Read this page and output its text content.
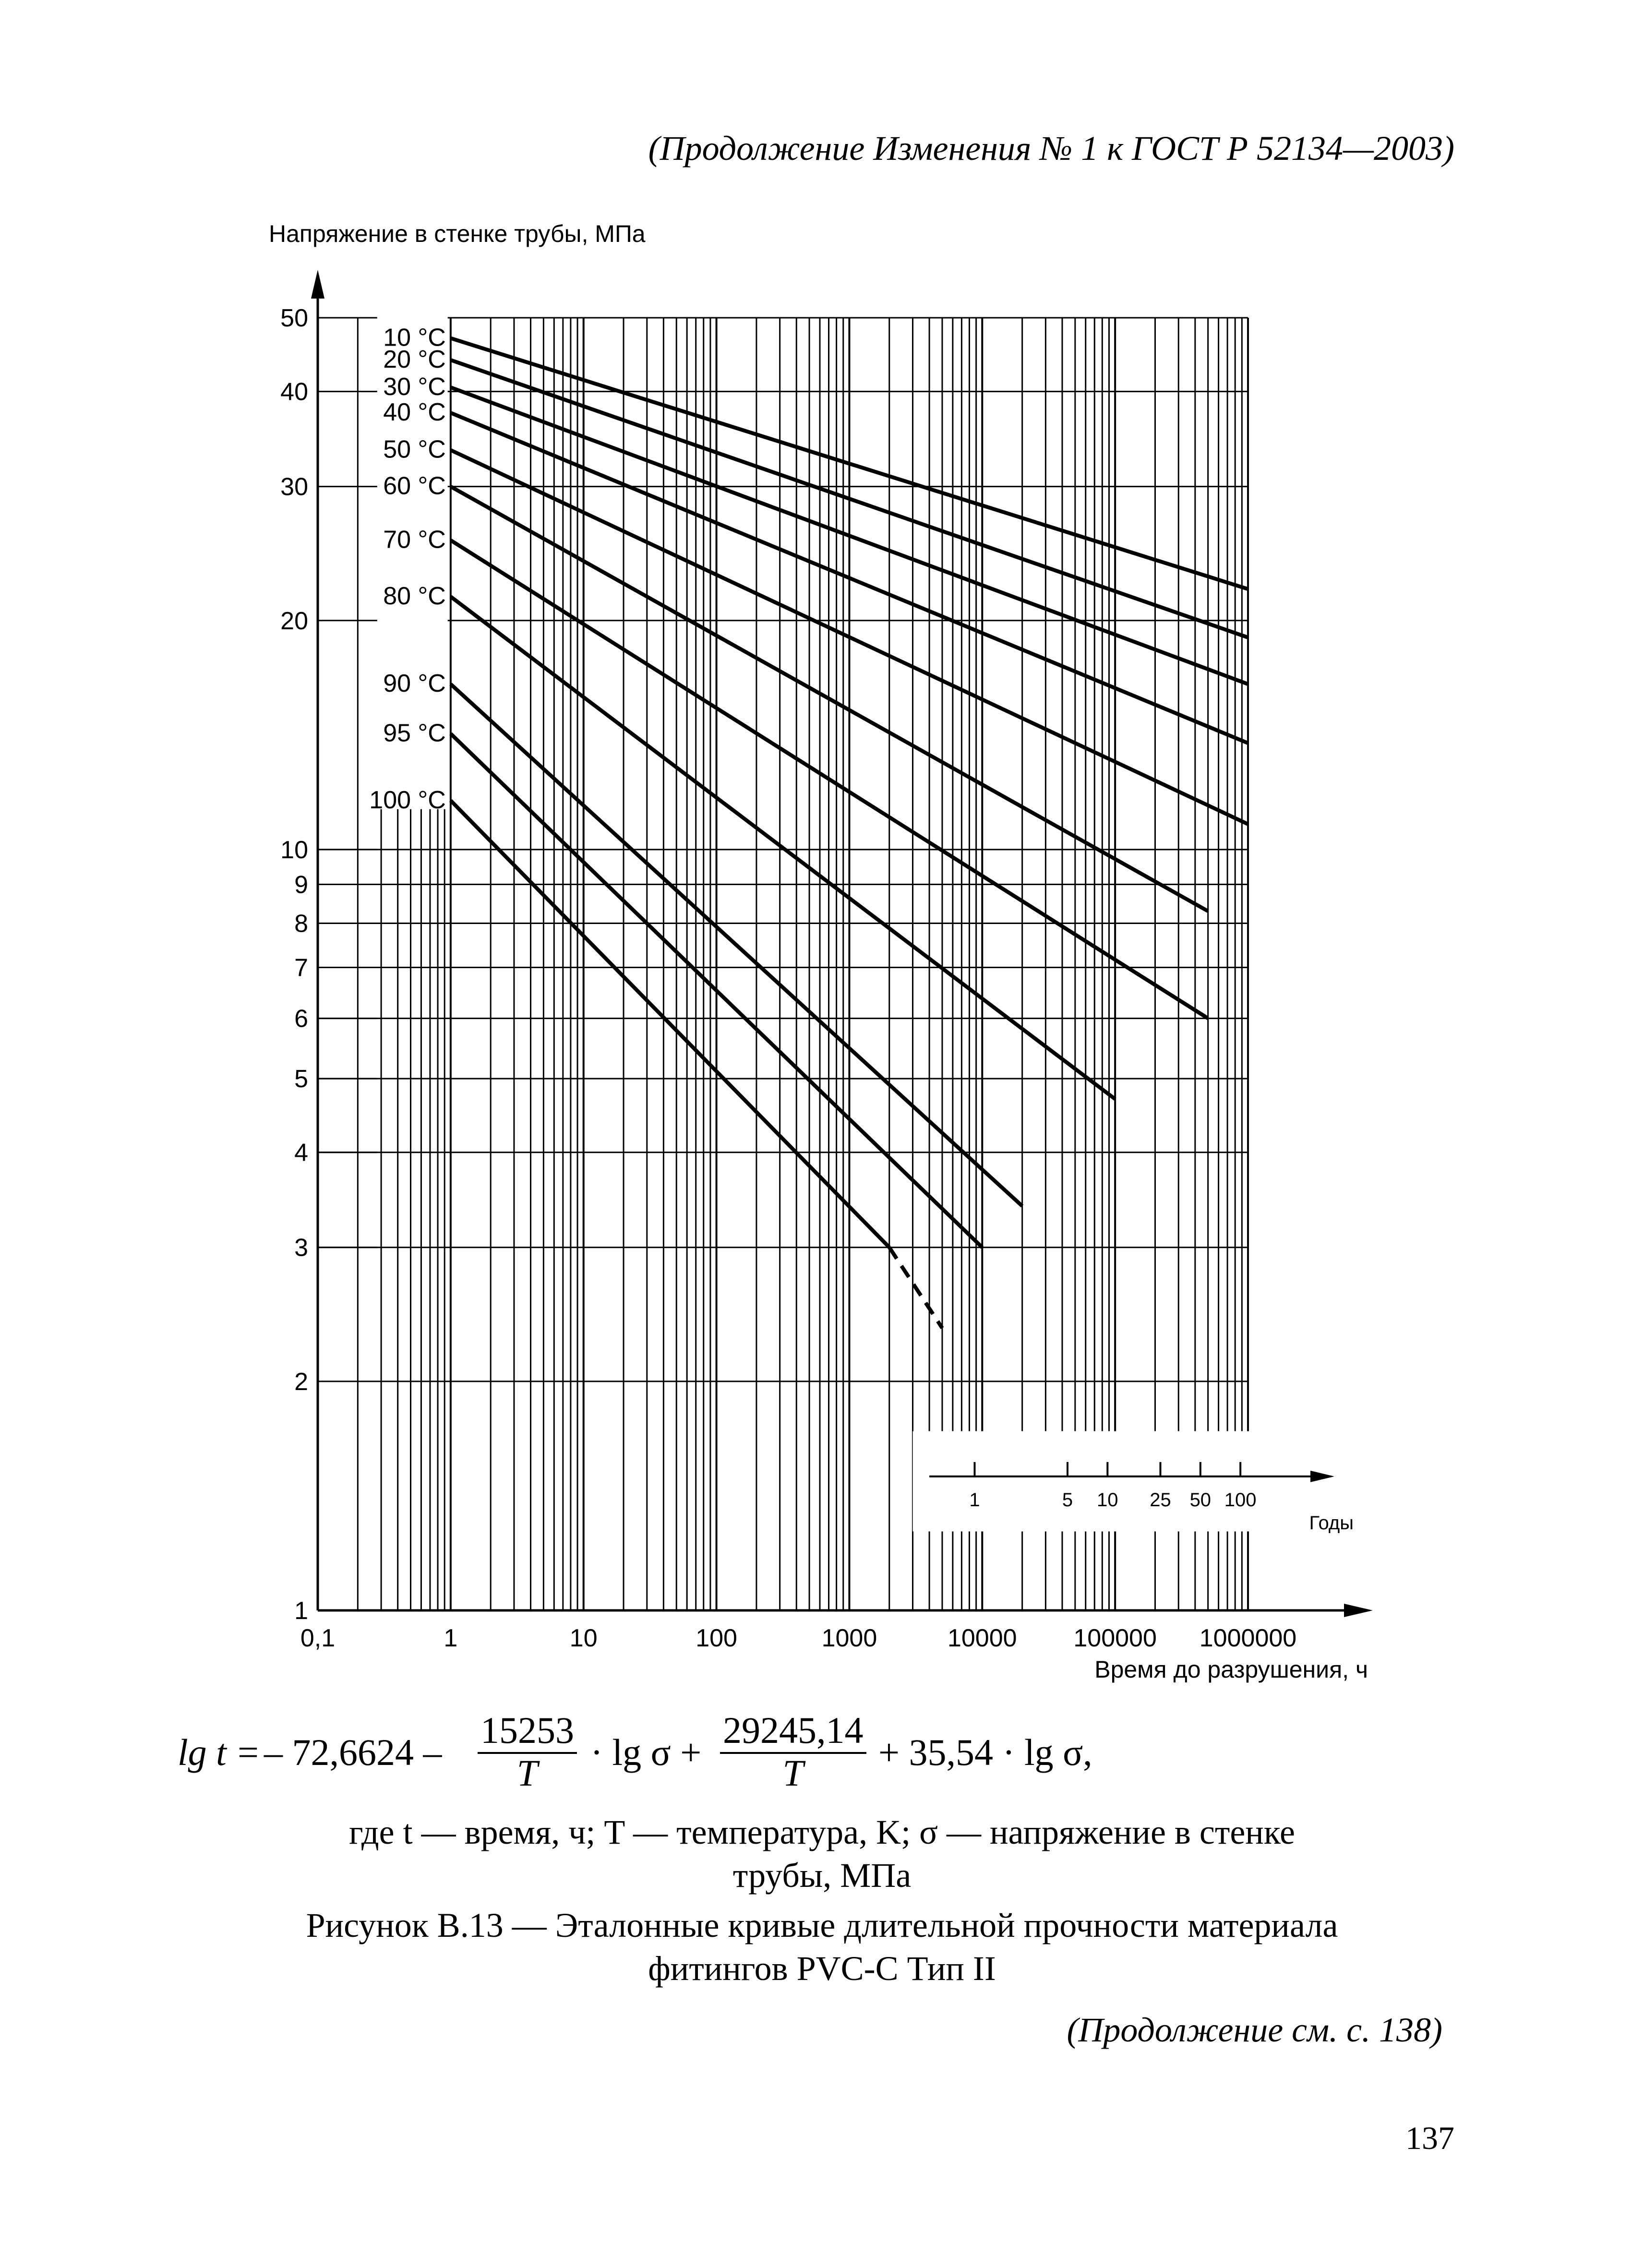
(Продолжение Изменения № 1 к ГОСТ Р 52134—2003)
Напряжение в стенке трубы, МПа
1
2
3
4
5
6
7
8
9
10
20
30
40
50
0,1	1	10	100	1000	10000 100000 1000000
10 °C
20 °C
30 °C
40 °C
50 °C
60 °C
70 °C
80 °C
90 °C
95 °C
100 °C
1	5 10 25 50 100
Годы
Время до разрушения, ч
lg t = – $72,6624 - \frac{15253}{T} \cdot \lg \sigma + \frac{29245,14}{T} + 35,54 \cdot \lg \sigma$,
где t — время, ч; T — температура, K; σ — напряжение в стенке
трубы, МПа
Рисунок В.13 — Эталонные кривые длительной прочности материала
фитингов PVC-C Тип II
(Продолжение см. с. 138)
137
